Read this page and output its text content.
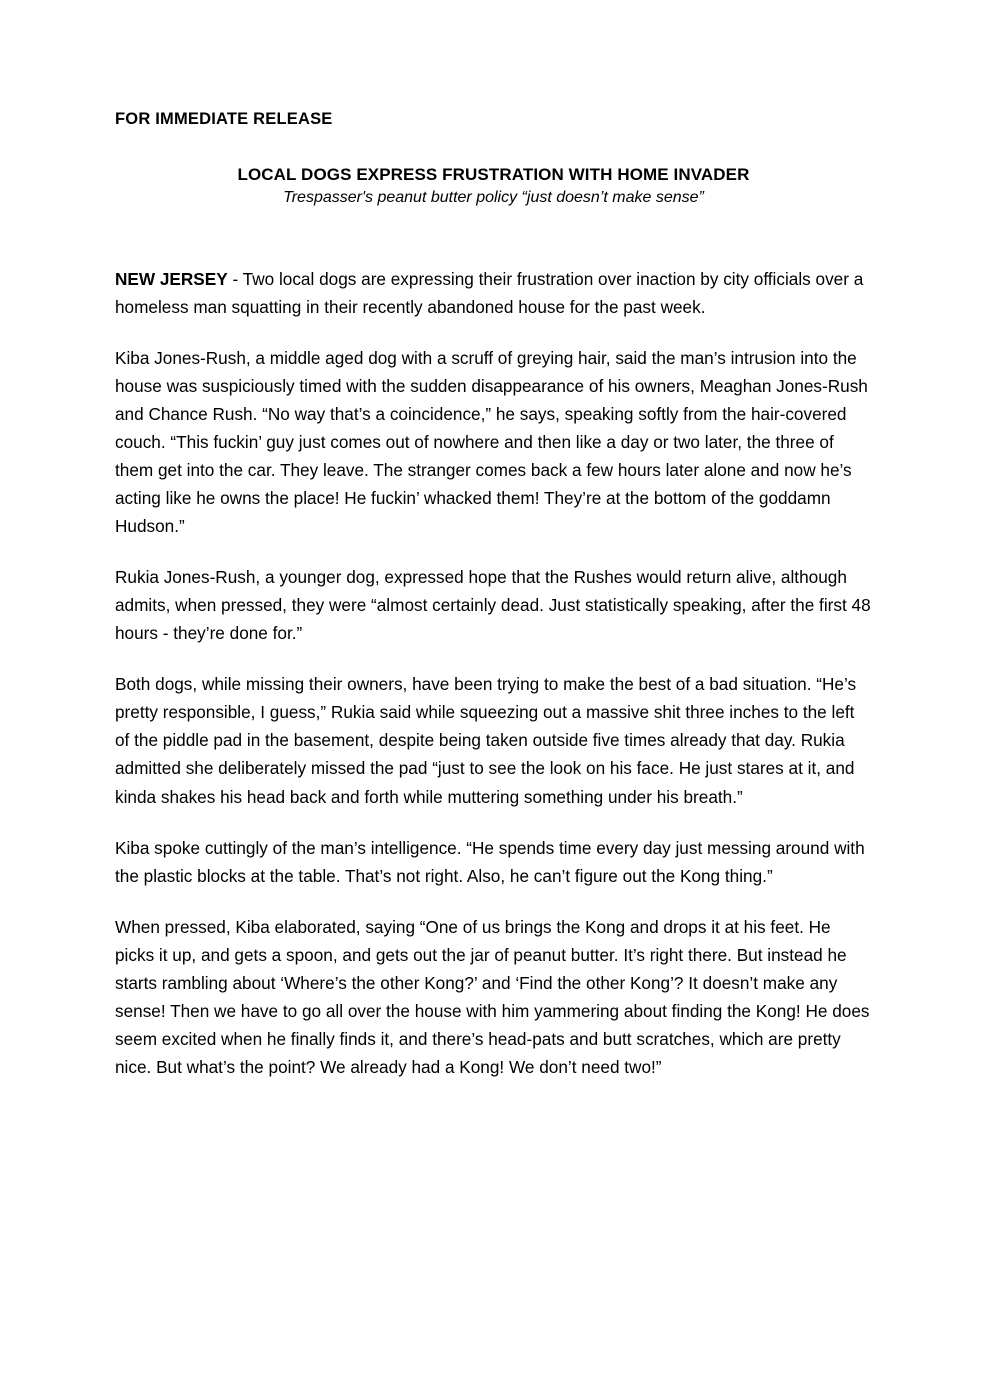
FOR IMMEDIATE RELEASE

LOCAL DOGS EXPRESS FRUSTRATION WITH HOME INVADER

Trespasser's peanut butter policy “just doesn’t make sense”

NEW JERSEY - Two local dogs are expressing their frustration over inaction by city officials over a homeless man squatting in their recently abandoned house for the past week.

Kiba Jones-Rush, a middle aged dog with a scruff of greying hair, said the man’s intrusion into the house was suspiciously timed with the sudden disappearance of his owners, Meaghan Jones-Rush and Chance Rush. “No way that’s a coincidence,” he says, speaking softly from the hair-covered couch. “This fuckin’ guy just comes out of nowhere and then like a day or two later, the three of them get into the car. They leave. The stranger comes back a few hours later alone and now he’s acting like he owns the place! He fuckin’ whacked them! They’re at the bottom of the goddamn Hudson.”

Rukia Jones-Rush, a younger dog, expressed hope that the Rushes would return alive, although admits, when pressed, they were “almost certainly dead. Just statistically speaking, after the first 48 hours - they’re done for.”

Both dogs, while missing their owners, have been trying to make the best of a bad situation. “He’s pretty responsible, I guess,” Rukia said while squeezing out a massive shit three inches to the left of the piddle pad in the basement, despite being taken outside five times already that day. Rukia admitted she deliberately missed the pad “just to see the look on his face. He just stares at it, and kinda shakes his head back and forth while muttering something under his breath.”

Kiba spoke cuttingly of the man’s intelligence. “He spends time every day just messing around with the plastic blocks at the table. That’s not right. Also, he can’t figure out the Kong thing.”

When pressed, Kiba elaborated, saying “One of us brings the Kong and drops it at his feet. He picks it up, and gets a spoon, and gets out the jar of peanut butter. It’s right there. But instead he starts rambling about ‘Where’s the other Kong?’ and ‘Find the other Kong’? It doesn’t make any sense! Then we have to go all over the house with him yammering about finding the Kong! He does seem excited when he finally finds it, and there’s head-pats and butt scratches, which are pretty nice. But what’s the point? We already had a Kong! We don’t need two!”
